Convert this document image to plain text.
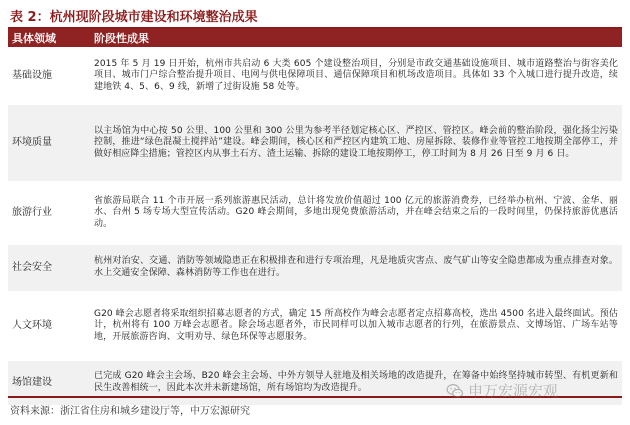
表 2：杭州现阶段城市建设和环境整治成果
具体领域	阶段性成果
基础设施	2015 年 5 月 19 日开始，杭州市共启动 6 大类 605 个建设整治项目，分别是市政交通基础设施项目、城市道路整治与街容美化项目、城市门户综合整治提升项目、电网与供电保障项目、通信保障项目和机场改造项目。具体如 33 个入城口进行提升改造，续建地铁 4、5、6、9 线，新增了过街设施 58 处等。
环境质量	以主场馆为中心按 50 公里、100 公里和 300 公里为参考半径划定核心区、严控区、管控区。峰会前的整治阶段，强化扬尘污染控制，推进“绿色混凝土搅拌站”建设。峰会期间，核心区和严控区内建筑工地、房屋拆除、装修作业等管控工地按期全部停工，并做好相应降尘措施；管控区内从事土石方、渣土运输、拆除的建设工地按期停工，停工时间为 8 月 26 日至 9 月 6 日。
旅游行业	省旅游局联合 11 个市开展一系列旅游惠民活动，总计将发放价值超过 100 亿元的旅游消费券，已经举办杭州、宁波、金华、丽水、台州 5 场专场大型宣传活动。G20 峰会期间，多地出现免费旅游活动，并在峰会结束之后的一段时间里，仍保持旅游优惠活动。
社会安全	杭州对治安、交通、消防等领域隐患正在积极排查和进行专项治理，凡是地质灾害点、废气矿山等安全隐患都成为重点排查对象。水上交通安全保障、森林消防等工作也在进行。
人文环境	G20 峰会志愿者将采取组织招募志愿者的方式，确定 15 所高校作为峰会志愿者定点招募高校，选出 4500 名进入最终面试。预估计，杭州将有 100 万峰会志愿者。除会场志愿者外，市民同样可以加入城市志愿者的行列，在旅游景点、文博场馆、广场车站等地，开展旅游咨询、文明劝导、绿色环保等志愿服务。
场馆建设	已完成 G20 峰会主会场、B20 峰会主会场、中外方领导人驻地及相关场地的改造提升，在筹备中始终坚持城市转型、有机更新和民生改善相统一，因此本次并未新建场馆，所有场馆均为改造提升。
资料来源：浙江省住房和城乡建设厅等，中万宏源研究
申万宏源宏观
